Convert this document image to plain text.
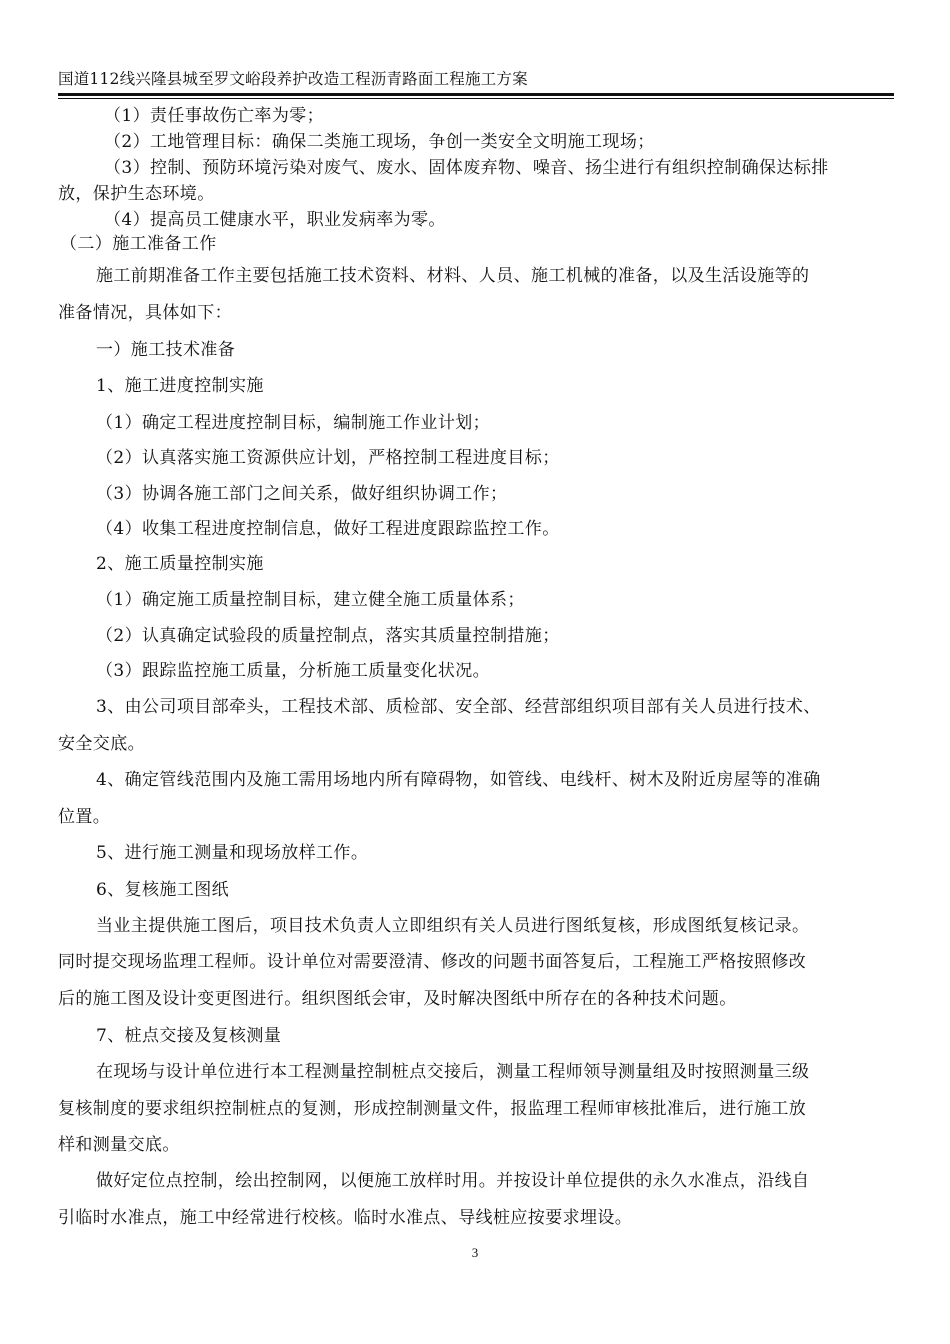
国道112线兴隆县城至罗文峪段养护改造工程沥青路面工程施工方案
（1）责任事故伤亡率为零；
（2）工地管理目标：确保二类施工现场，争创一类安全文明施工现场；
（3）控制、预防环境污染对废气、废水、固体废弃物、噪音、扬尘进行有组织控制确保达标排
放，保护生态环境。
（4）提高员工健康水平，职业发病率为零。
（二）施工准备工作
施工前期准备工作主要包括施工技术资料、材料、人员、施工机械的准备，以及生活设施等的
准备情况，具体如下：
一）施工技术准备
1、施工进度控制实施
（1）确定工程进度控制目标，编制施工作业计划；
（2）认真落实施工资源供应计划，严格控制工程进度目标；
（3）协调各施工部门之间关系，做好组织协调工作；
（4）收集工程进度控制信息，做好工程进度跟踪监控工作。
2、施工质量控制实施
（1）确定施工质量控制目标，建立健全施工质量体系；
（2）认真确定试验段的质量控制点，落实其质量控制措施；
（3）跟踪监控施工质量，分析施工质量变化状况。
3、由公司项目部牵头，工程技术部、质检部、安全部、经营部组织项目部有关人员进行技术、
安全交底。
4、确定管线范围内及施工需用场地内所有障碍物，如管线、电线杆、树木及附近房屋等的准确
位置。
5、进行施工测量和现场放样工作。
6、复核施工图纸
当业主提供施工图后，项目技术负责人立即组织有关人员进行图纸复核，形成图纸复核记录。
同时提交现场监理工程师。设计单位对需要澄清、修改的问题书面答复后，工程施工严格按照修改
后的施工图及设计变更图进行。组织图纸会审，及时解决图纸中所存在的各种技术问题。
7、桩点交接及复核测量
在现场与设计单位进行本工程测量控制桩点交接后，测量工程师领导测量组及时按照测量三级
复核制度的要求组织控制桩点的复测，形成控制测量文件，报监理工程师审核批准后，进行施工放
样和测量交底。
做好定位点控制，绘出控制网，以便施工放样时用。并按设计单位提供的永久水准点，沿线自
引临时水准点，施工中经常进行校核。临时水准点、导线桩应按要求埋设。
3
